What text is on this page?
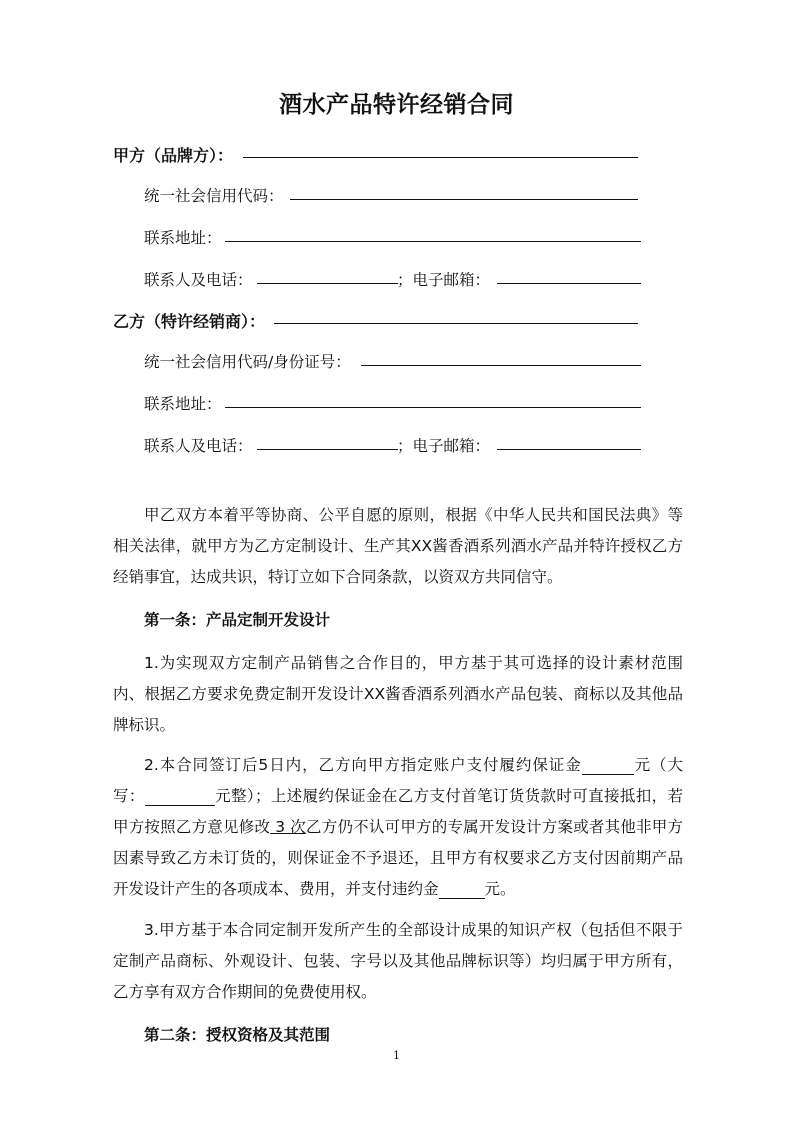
酒水产品特许经销合同
甲方（品牌方）：
统一社会信用代码：
联系地址：
联系人及电话：	；电子邮箱：
乙方（特许经销商）：
统一社会信用代码/身份证号：
联系地址：
联系人及电话：	；电子邮箱：
甲乙双方本着平等协商、公平自愿的原则，根据《中华人民共和国民法典》等相关法律，就甲方为乙方定制设计、生产其XX酱香酒系列酒水产品并特许授权乙方经销事宜，达成共识，特订立如下合同条款，以资双方共同信守。
第一条：产品定制开发设计
1.为实现双方定制产品销售之合作目的，甲方基于其可选择的设计素材范围内、根据乙方要求免费定制开发设计XX酱香酒系列酒水产品包装、商标以及其他品牌标识。
2.本合同签订后5日内，乙方向甲方指定账户支付履约保证金	元（大写：	元整）；上述履约保证金在乙方支付首笔订货货款时可直接抵扣，若甲方按照乙方意见修改 3 次乙方仍不认可甲方的专属开发设计方案或者其他非甲方因素导致乙方未订货的，则保证金不予退还，且甲方有权要求乙方支付因前期产品开发设计产生的各项成本、费用，并支付违约金	元。
3.甲方基于本合同定制开发所产生的全部设计成果的知识产权（包括但不限于定制产品商标、外观设计、包装、字号以及其他品牌标识等）均归属于甲方所有，乙方享有双方合作期间的免费使用权。
第二条：授权资格及其范围
1
